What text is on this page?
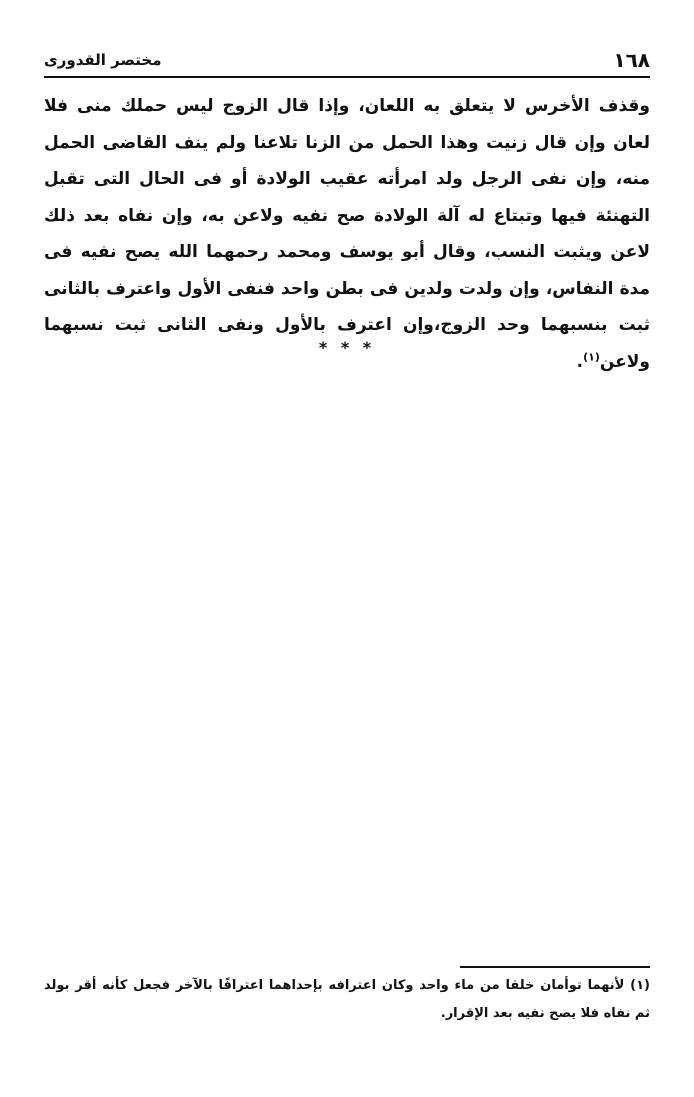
١٦٨
مختصر القدورى

وقذف الأخرس لا يتعلق به اللعان، وإذا قال الزوج ليس حملك منى فلا لعان وإن قال زنيت وهذا الحمل من الزنا تلاعنا ولم ينف القاضى الحمل منه، وإن نفى الرجل ولد امرأته عقيب الولادة أو فى الحال التى تقبل التهنئة فيها وتبتاع له آلة الولادة صح نفيه ولاعن به، وإن نفاه بعد ذلك لاعن ويثبت النسب، وقال أبو يوسف ومحمد رحمهما الله يصح نفيه فى مدة النفاس، وإن ولدت ولدين فى بطن واحد فنفى الأول واعترف بالثانى ثبت بنسبهما وحد الزوج،وإن اعترف بالأول ونفى الثانى ثبت نسبهما ولاعن$^{(١)}$.

* * *

(١) لأنهما توأمان خلقا من ماء واحد وكان اعترافه بإحداهما اعترافًا بالآخر فجعل كأنه أقر بولد ثم نفاه فلا يصح نفيه بعد الإقرار.
